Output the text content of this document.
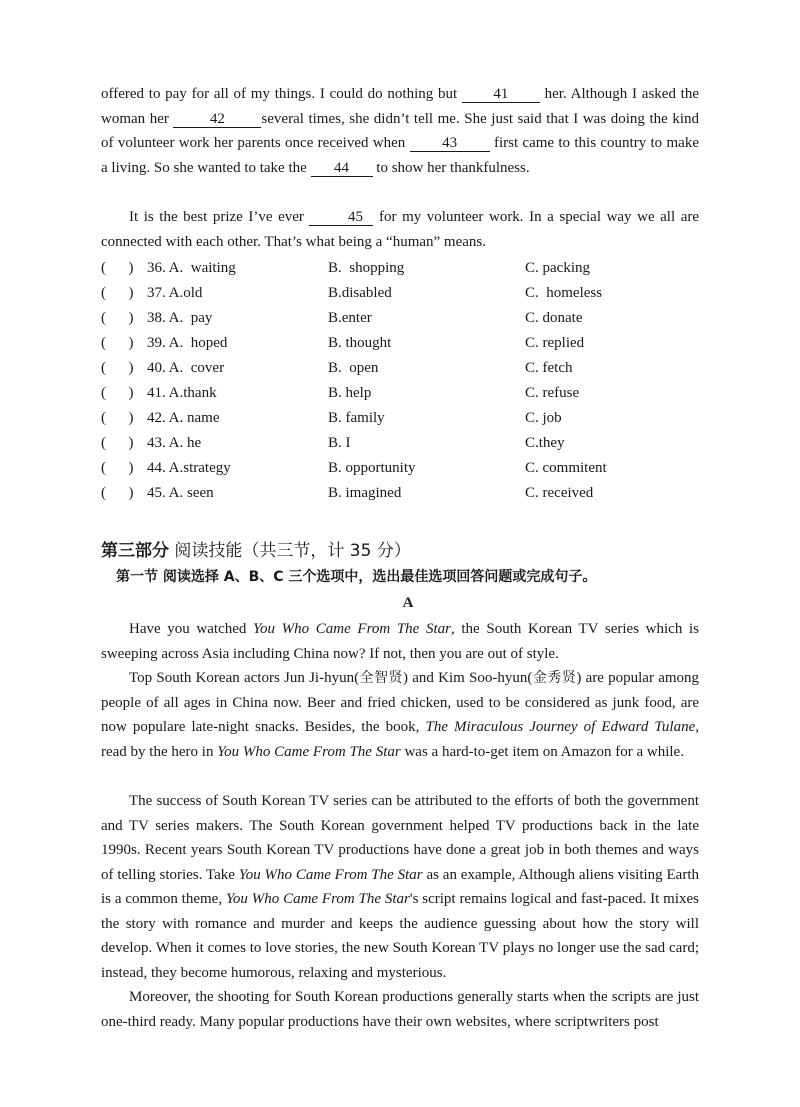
offered to pay for all of my things. I could do nothing but 41 her. Although I asked the woman her 42 several times, she didn’t tell me. She just said that I was doing the kind of volunteer work her parents once received when 43 first came to this country to make a living. So she wanted to take the 44 to show her thankfulness.

It is the best prize I’ve ever	45 for my volunteer work. In a special way we all are connected with each other. That’s what being a “human” means.

(      ) 36. A.  waiting	B.  shopping	C. packing
(      ) 37. A.old	B.disabled	C.  homeless
(      ) 38. A.  pay	B.enter	C. donate
(      ) 39. A.  hoped	B. thought	C. replied
(      ) 40. A.  cover	B.  open	C. fetch
(      ) 41. A.thank	B. help	C. refuse
(      ) 42. A. name	B. family	C. job
(      ) 43. A. he	B. I	C.they
(      ) 44. A.strategy	B. opportunity	C. commitent
(      ) 45. A. seen	B. imagined	C. received
第三部分 阅读技能（共三节，计 35 分）
第一节 阅读选择 A、B、C 三个选项中，选出最佳选项回答问题或完成句子。
A

Have you watched You Who Came From The Star, the South Korean TV series which is sweeping across Asia including China now? If not, then you are out of style.

Top South Korean actors Jun Ji-hyun(全智贤) and Kim Soo-hyun(金秀贤) are popular among people of all ages in China now. Beer and fried chicken, used to be considered as junk food, are now populare late-night snacks. Besides, the book, The Miraculous Journey of Edward Tulane, read by the hero in You Who Came From The Star was a hard-to-get item on Amazon for a while.

The success of South Korean TV series can be attributed to the efforts of both the government and TV series makers. The South Korean government helped TV productions back in the late 1990s. Recent years South Korean TV productions have done a great job in both themes and ways of telling stories. Take You Who Came From The Star as an example, Although aliens visiting Earth is a common theme, You Who Came From The Star's script remains logical and fast-paced. It mixes the story with romance and murder and keeps the audience guessing about how the story will develop. When it comes to love stories, the new South Korean TV plays no longer use the sad card; instead, they become humorous, relaxing and mysterious.

Moreover, the shooting for South Korean productions generally starts when the scripts are just one-third ready. Many popular productions have their own websites, where scriptwriters post
